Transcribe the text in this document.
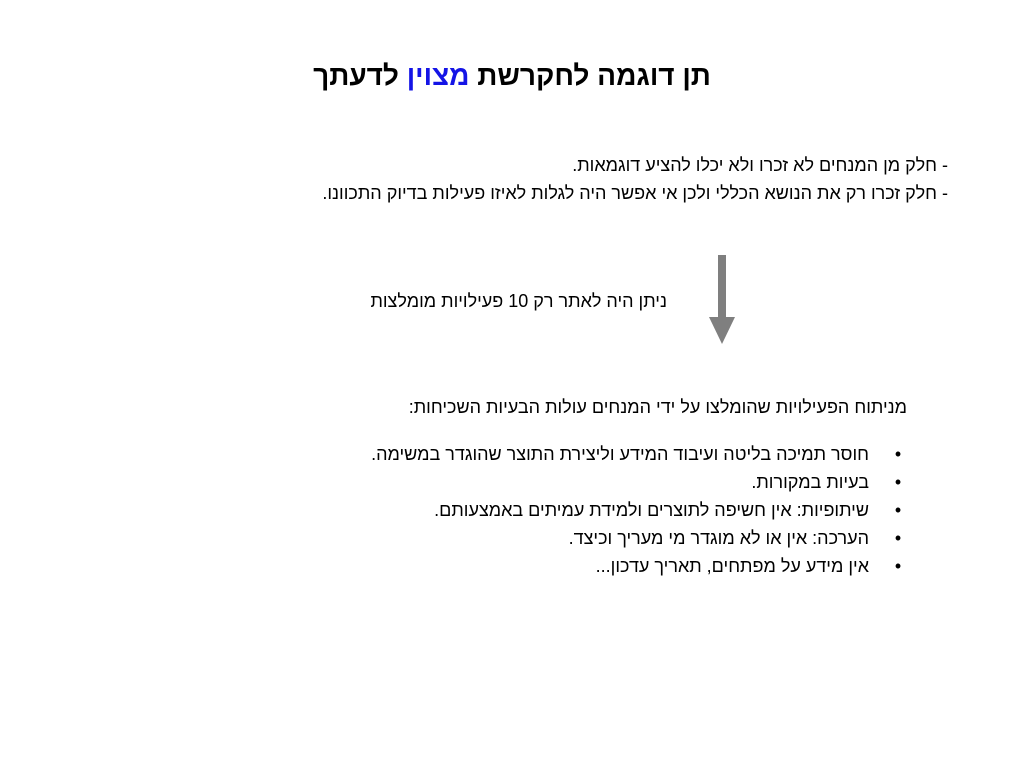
תן דוגמה לחקרשת מצוין לדעתך
- חלק מן המנחים לא זכרו ולא יכלו להציע דוגמאות.
- חלק זכרו רק את הנושא הכללי ולכן אי אפשר היה לגלות לאיזו פעילות בדיוק התכוונו.
ניתן היה לאתר רק 10 פעילויות מומלצות
מניתוח הפעילויות שהומלצו על ידי המנחים עולות הבעיות השכיחות:
•
חוסר תמיכה בליטה ועיבוד המידע וליצירת התוצר שהוגדר במשימה.
•
בעיות במקורות.
•
שיתופיות: אין חשיפה לתוצרים ולמידת עמיתים באמצעותם.
•
הערכה: אין או לא מוגדר מי מעריך וכיצד.
•
אין מידע על מפתחים, תאריך עדכון...
